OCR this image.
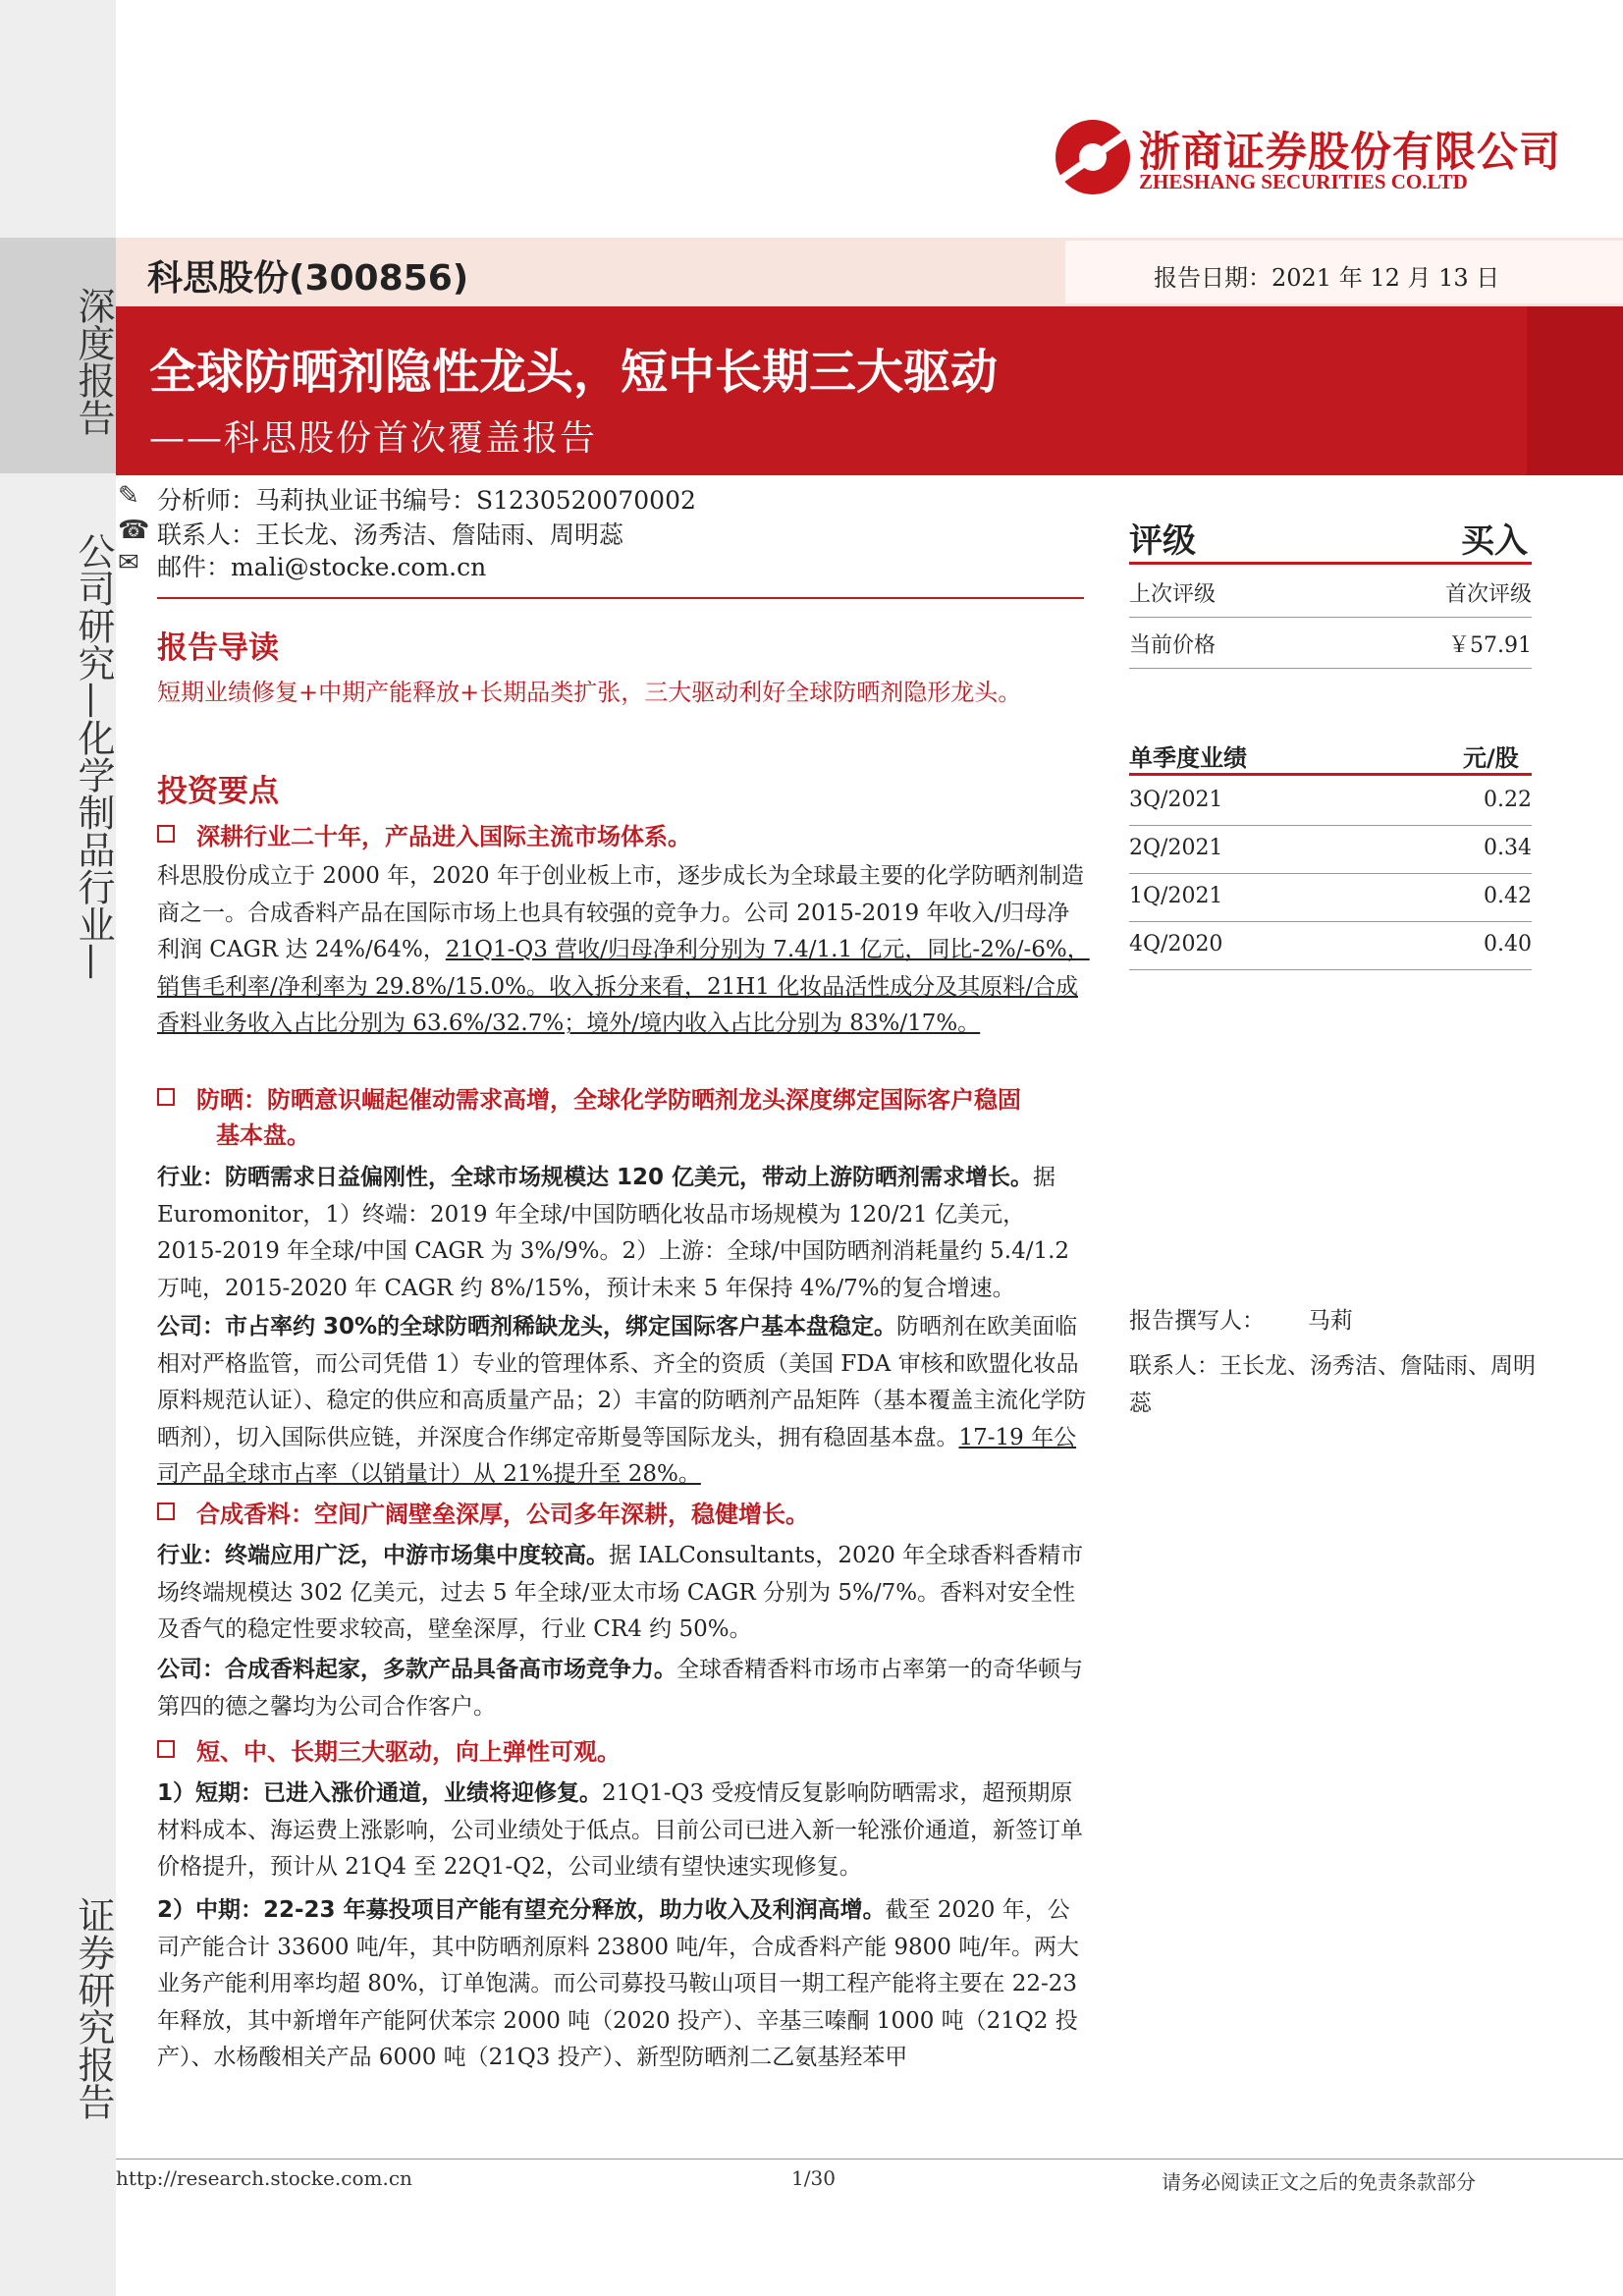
深度报告
公司研究—化学制品行业—
证券研究报告
浙商证券股份有限公司
ZHESHANG SECURITIES CO.LTD
科思股份(300856)	报告日期：2021 年 12 月 13 日
全球防晒剂隐性龙头，短中长期三大驱动
——科思股份首次覆盖报告
✎ 分析师：马莉执业证书编号：S1230520070002
☎ 联系人：王长龙、汤秀洁、詹陆雨、周明蕊
✉ 邮件：mali@stocke.com.cn
报告导读
短期业绩修复+中期产能释放+长期品类扩张，三大驱动利好全球防晒剂隐形龙头。
投资要点
深耕行业二十年，产品进入国际主流市场体系。
科思股份成立于 2000 年，2020 年于创业板上市，逐步成长为全球最主要的化学防晒剂制造商之一。合成香料产品在国际市场上也具有较强的竞争力。公司 2015-2019 年收入/归母净利润 CAGR 达 24%/64%，21Q1-Q3 营收/归母净利分别为 7.4/1.1 亿元，同比-2%/-6%，销售毛利率/净利率为 29.8%/15.0%。收入拆分来看，21H1 化妆品活性成分及其原料/合成香料业务收入占比分别为 63.6%/32.7%；境外/境内收入占比分别为 83%/17%。
防晒：防晒意识崛起催动需求高增，全球化学防晒剂龙头深度绑定国际客户稳固
基本盘。
行业：防晒需求日益偏刚性，全球市场规模达 120 亿美元，带动上游防晒剂需求增长。据 Euromonitor，1）终端：2019 年全球/中国防晒化妆品市场规模为 120/21 亿美元，2015-2019 年全球/中国 CAGR 为 3%/9%。2）上游：全球/中国防晒剂消耗量约 5.4/1.2 万吨，2015-2020 年 CAGR 约 8%/15%，预计未来 5 年保持 4%/7%的复合增速。
公司：市占率约 30%的全球防晒剂稀缺龙头，绑定国际客户基本盘稳定。防晒剂在欧美面临相对严格监管，而公司凭借 1）专业的管理体系、齐全的资质（美国 FDA 审核和欧盟化妆品原料规范认证）、稳定的供应和高质量产品；2）丰富的防晒剂产品矩阵（基本覆盖主流化学防晒剂），切入国际供应链，并深度合作绑定帝斯曼等国际龙头，拥有稳固基本盘。17-19 年公司产品全球市占率（以销量计）从 21%提升至 28%。
合成香料：空间广阔壁垒深厚，公司多年深耕，稳健增长。
行业：终端应用广泛，中游市场集中度较高。据 IALConsultants，2020 年全球香料香精市场终端规模达 302 亿美元，过去 5 年全球/亚太市场 CAGR 分别为 5%/7%。香料对安全性及香气的稳定性要求较高，壁垒深厚，行业 CR4 约 50%。
公司：合成香料起家，多款产品具备高市场竞争力。全球香精香料市场市占率第一的奇华顿与第四的德之馨均为公司合作客户。
短、中、长期三大驱动，向上弹性可观。
1）短期：已进入涨价通道，业绩将迎修复。21Q1-Q3 受疫情反复影响防晒需求，超预期原材料成本、海运费上涨影响，公司业绩处于低点。目前公司已进入新一轮涨价通道，新签订单价格提升，预计从 21Q4 至 22Q1-Q2，公司业绩有望快速实现修复。
2）中期：22-23 年募投项目产能有望充分释放，助力收入及利润高增。截至 2020 年，公司产能合计 33600 吨/年，其中防晒剂原料 23800 吨/年，合成香料产能 9800 吨/年。两大业务产能利用率均超 80%，订单饱满。而公司募投马鞍山项目一期工程产能将主要在 22-23 年释放，其中新增年产能阿伏苯宗 2000 吨（2020 投产）、辛基三嗪酮 1000 吨（21Q2 投产）、水杨酸相关产品 6000 吨（21Q3 投产）、新型防晒剂二乙氨基羟苯甲
评级	买入
上次评级	首次评级
当前价格	￥57.91
单季度业绩	元/股
3Q/2021	0.22
2Q/2021	0.34
1Q/2021	0.42
4Q/2020	0.40
报告撰写人：      马莉
联系人：王长龙、汤秀洁、詹陆雨、周明蕊
http://research.stocke.com.cn	1/30	请务必阅读正文之后的免责条款部分
